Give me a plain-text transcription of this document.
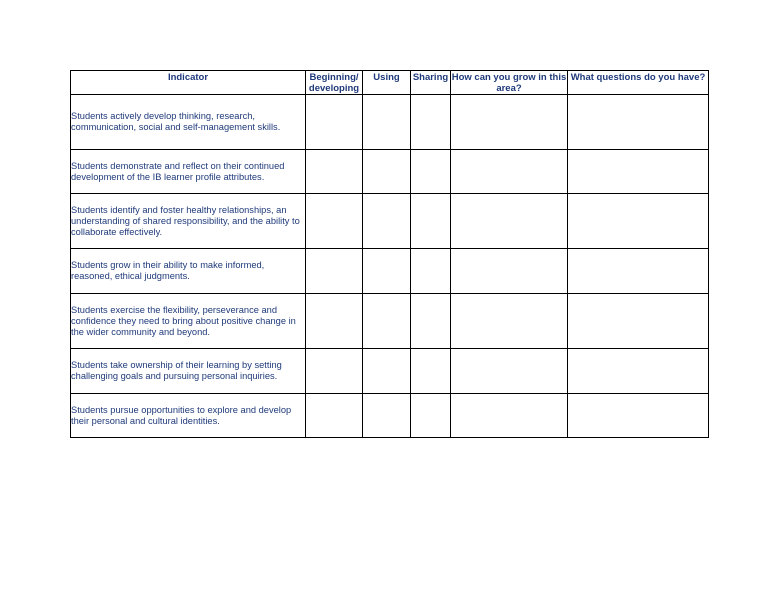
Indicator	Beginning/ developing	Using	Sharing	How can you grow in this area?	What questions do you have?
Students actively develop thinking, research, communication, social and self-management skills.					
Students demonstrate and reflect on their continued development of the IB learner profile attributes.					
Students identify and foster healthy relationships, an understanding of shared responsibility, and the ability to collaborate effectively.					
Students grow in their ability to make informed, reasoned, ethical judgments.					
Students exercise the flexibility, perseverance and confidence they need to bring about positive change in the wider community and beyond.					
Students take ownership of their learning by setting challenging goals and pursuing personal inquiries.					
Students pursue opportunities to explore and develop their personal and cultural identities.					
